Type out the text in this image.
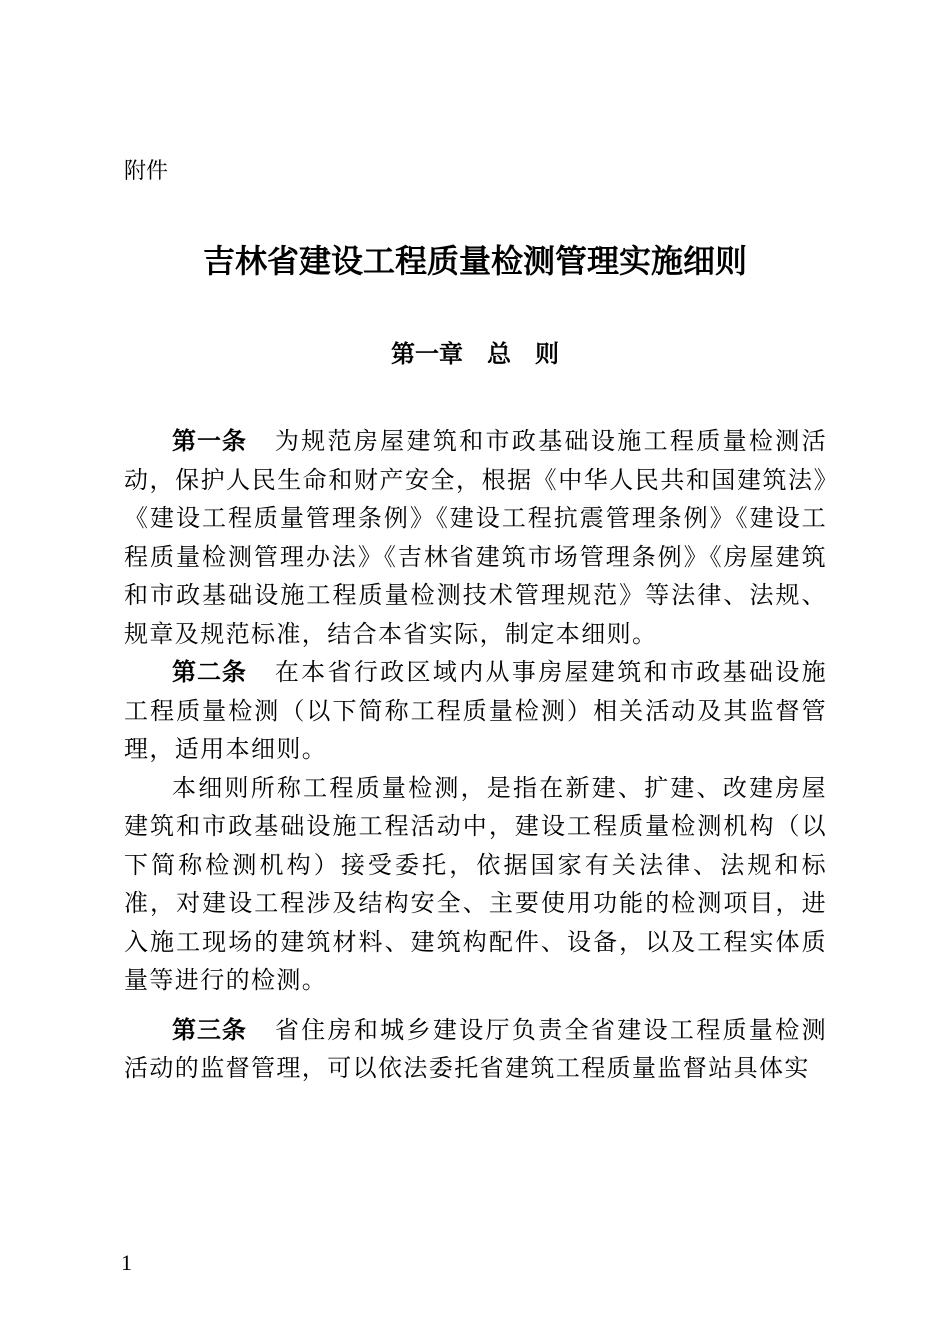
附件

吉林省建设工程质量检测管理实施细则
第一章　总　则

第一条 为规范房屋建筑和市政基础设施工程质量检测活动，保护人民生命和财产安全，根据《中华人民共和国建筑法》《建设工程质量管理条例》《建设工程抗震管理条例》《建设工程质量检测管理办法》《吉林省建筑市场管理条例》《房屋建筑和市政基础设施工程质量检测技术管理规范》等法律、法规、规章及规范标准，结合本省实际，制定本细则。

第二条 在本省行政区域内从事房屋建筑和市政基础设施工程质量检测（以下简称工程质量检测）相关活动及其监督管理，适用本细则。

本细则所称工程质量检测，是指在新建、扩建、改建房屋建筑和市政基础设施工程活动中，建设工程质量检测机构（以下简称检测机构）接受委托，依据国家有关法律、法规和标准，对建设工程涉及结构安全、主要使用功能的检测项目，进入施工现场的建筑材料、建筑构配件、设备，以及工程实体质量等进行的检测。

第三条 省住房和城乡建设厅负责全省建设工程质量检测活动的监督管理，可以依法委托省建筑工程质量监督站具体实

1
